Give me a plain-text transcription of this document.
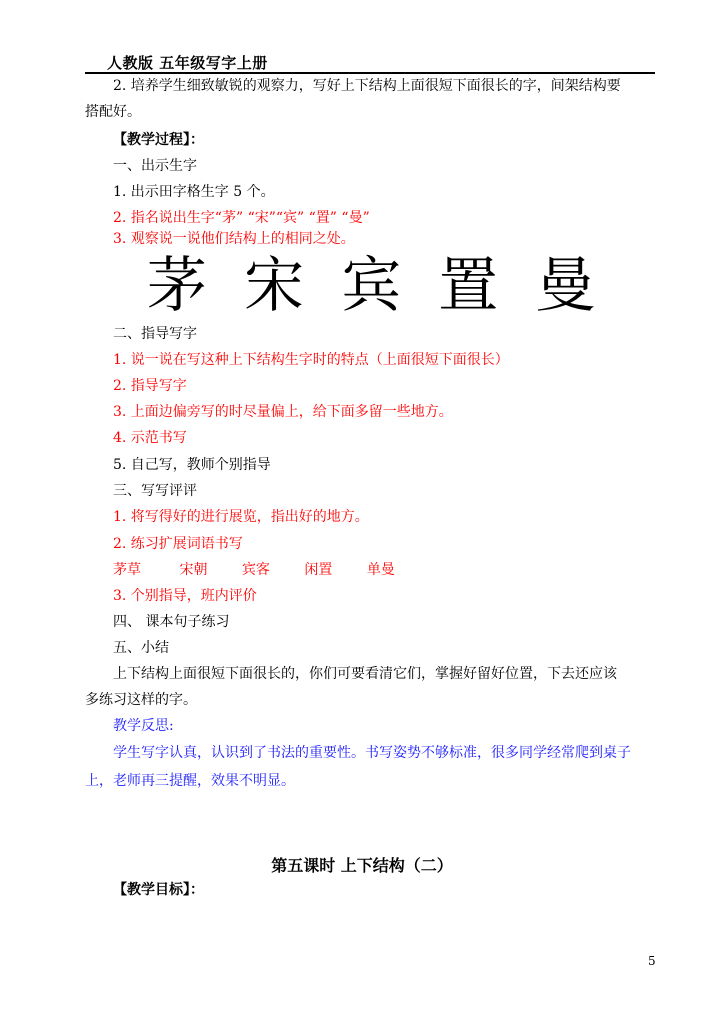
人教版 五年级写字上册
2. 培养学生细致敏锐的观察力，写好上下结构上面很短下面很长的字，间架结构要
搭配好。
【教学过程】：
一、出示生字
1. 出示田字格生字 5 个。
2. 指名说出生字“茅” “宋”“宾” “置” “曼”
3. 观察说一说他们结构上的相同之处。
茅 宋 宾 置 曼
二、指导写字
1. 说一说在写这种上下结构生字时的特点（上面很短下面很长）
2. 指导写字
3. 上面边偏旁写的时尽量偏上，给下面多留一些地方。
4. 示范书写
5. 自己写，教师个别指导
三、写写评评
1. 将写得好的进行展览，指出好的地方。
2. 练习扩展词语书写
茅草	宋朝 宾客 闲置 单曼
3. 个别指导，班内评价
四、 课本句子练习
五、小结
上下结构上面很短下面很长的，你们可要看清它们，掌握好留好位置，下去还应该
多练习这样的字。
教学反思:
学生写字认真，认识到了书法的重要性。书写姿势不够标准，很多同学经常爬到桌子
上，老师再三提醒，效果不明显。
第五课时 上下结构（二）
【教学目标】：
5
